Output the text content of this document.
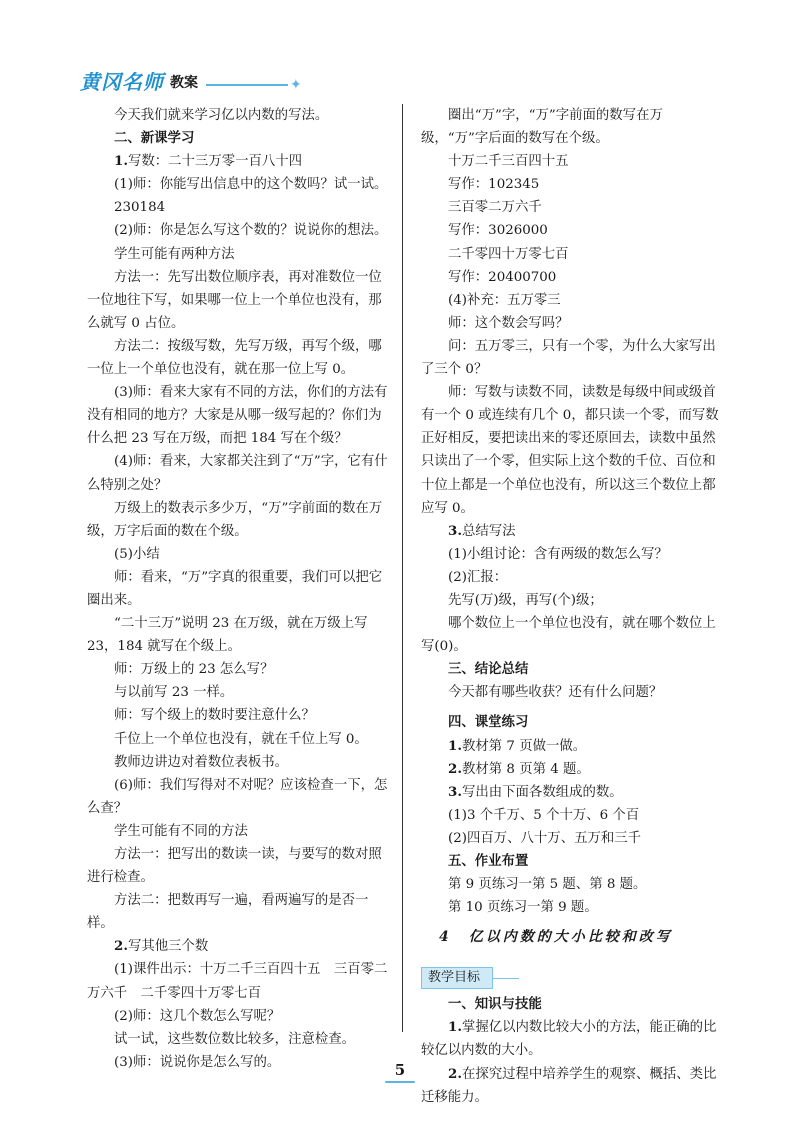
黄冈名师 教案	✦

今天我们就来学习亿以内数的写法。

二、新课学习

1.写数：二十三万零一百八十四

(1)师：你能写出信息中的这个数吗？试一试。

230184

(2)师：你是怎么写这个数的？说说你的想法。

学生可能有两种方法

方法一：先写出数位顺序表，再对准数位一位一位地往下写，如果哪一位上一个单位也没有，那么就写 0 占位。

方法二：按级写数，先写万级，再写个级，哪一位上一个单位也没有，就在那一位上写 0。

(3)师：看来大家有不同的方法，你们的方法有没有相同的地方？大家是从哪一级写起的？你们为什么把 23 写在万级，而把 184 写在个级？

(4)师：看来，大家都关注到了“万”字，它有什么特别之处？

万级上的数表示多少万，“万”字前面的数在万级，万字后面的数在个级。

(5)小结

师：看来，“万”字真的很重要，我们可以把它圈出来。

“二十三万”说明 23 在万级，就在万级上写 23，184 就写在个级上。

师：万级上的 23 怎么写？

与以前写 23 一样。

师：写个级上的数时要注意什么？

千位上一个单位也没有，就在千位上写 0。

教师边讲边对着数位表板书。

(6)师：我们写得对不对呢？应该检查一下，怎么查？

学生可能有不同的方法

方法一：把写出的数读一读，与要写的数对照进行检查。

方法二：把数再写一遍，看两遍写的是否一样。

2.写其他三个数

(1)课件出示：十万二千三百四十五　三百零二万六千　二千零四十万零七百

(2)师：这几个数怎么写呢？

试一试，这些数位数比较多，注意检查。

(3)师：说说你是怎么写的。

圈出“万”字，“万”字前面的数写在万级，“万”字后面的数写在个级。

十万二千三百四十五

写作：102345

三百零二万六千

写作：3026000

二千零四十万零七百

写作：20400700

(4)补充：五万零三

师：这个数会写吗？

问：五万零三，只有一个零，为什么大家写出了三个 0？

师：写数与读数不同，读数是每级中间或级首有一个 0 或连续有几个 0，都只读一个零，而写数正好相反，要把读出来的零还原回去，读数中虽然只读出了一个零，但实际上这个数的千位、百位和十位上都是一个单位也没有，所以这三个数位上都应写 0。

3.总结写法

(1)小组讨论：含有两级的数怎么写？

(2)汇报：

先写(万)级，再写(个)级；

哪个数位上一个单位也没有，就在哪个数位上写(0)。

三、结论总结

今天都有哪些收获？还有什么问题？

四、课堂练习

1.教材第 7 页做一做。

2.教材第 8 页第 4 题。

3.写出由下面各数组成的数。

(1)3 个千万、5 个十万、6 个百

(2)四百万、八十万、五万和三千

五、作业布置

第 9 页练习一第 5 题、第 8 题。

第 10 页练习一第 9 题。

4　亿以内数的大小比较和改写

教学目标

一、知识与技能

1.掌握亿以内数比较大小的方法，能正确的比较亿以内数的大小。

2.在探究过程中培养学生的观察、概括、类比迁移能力。

5
